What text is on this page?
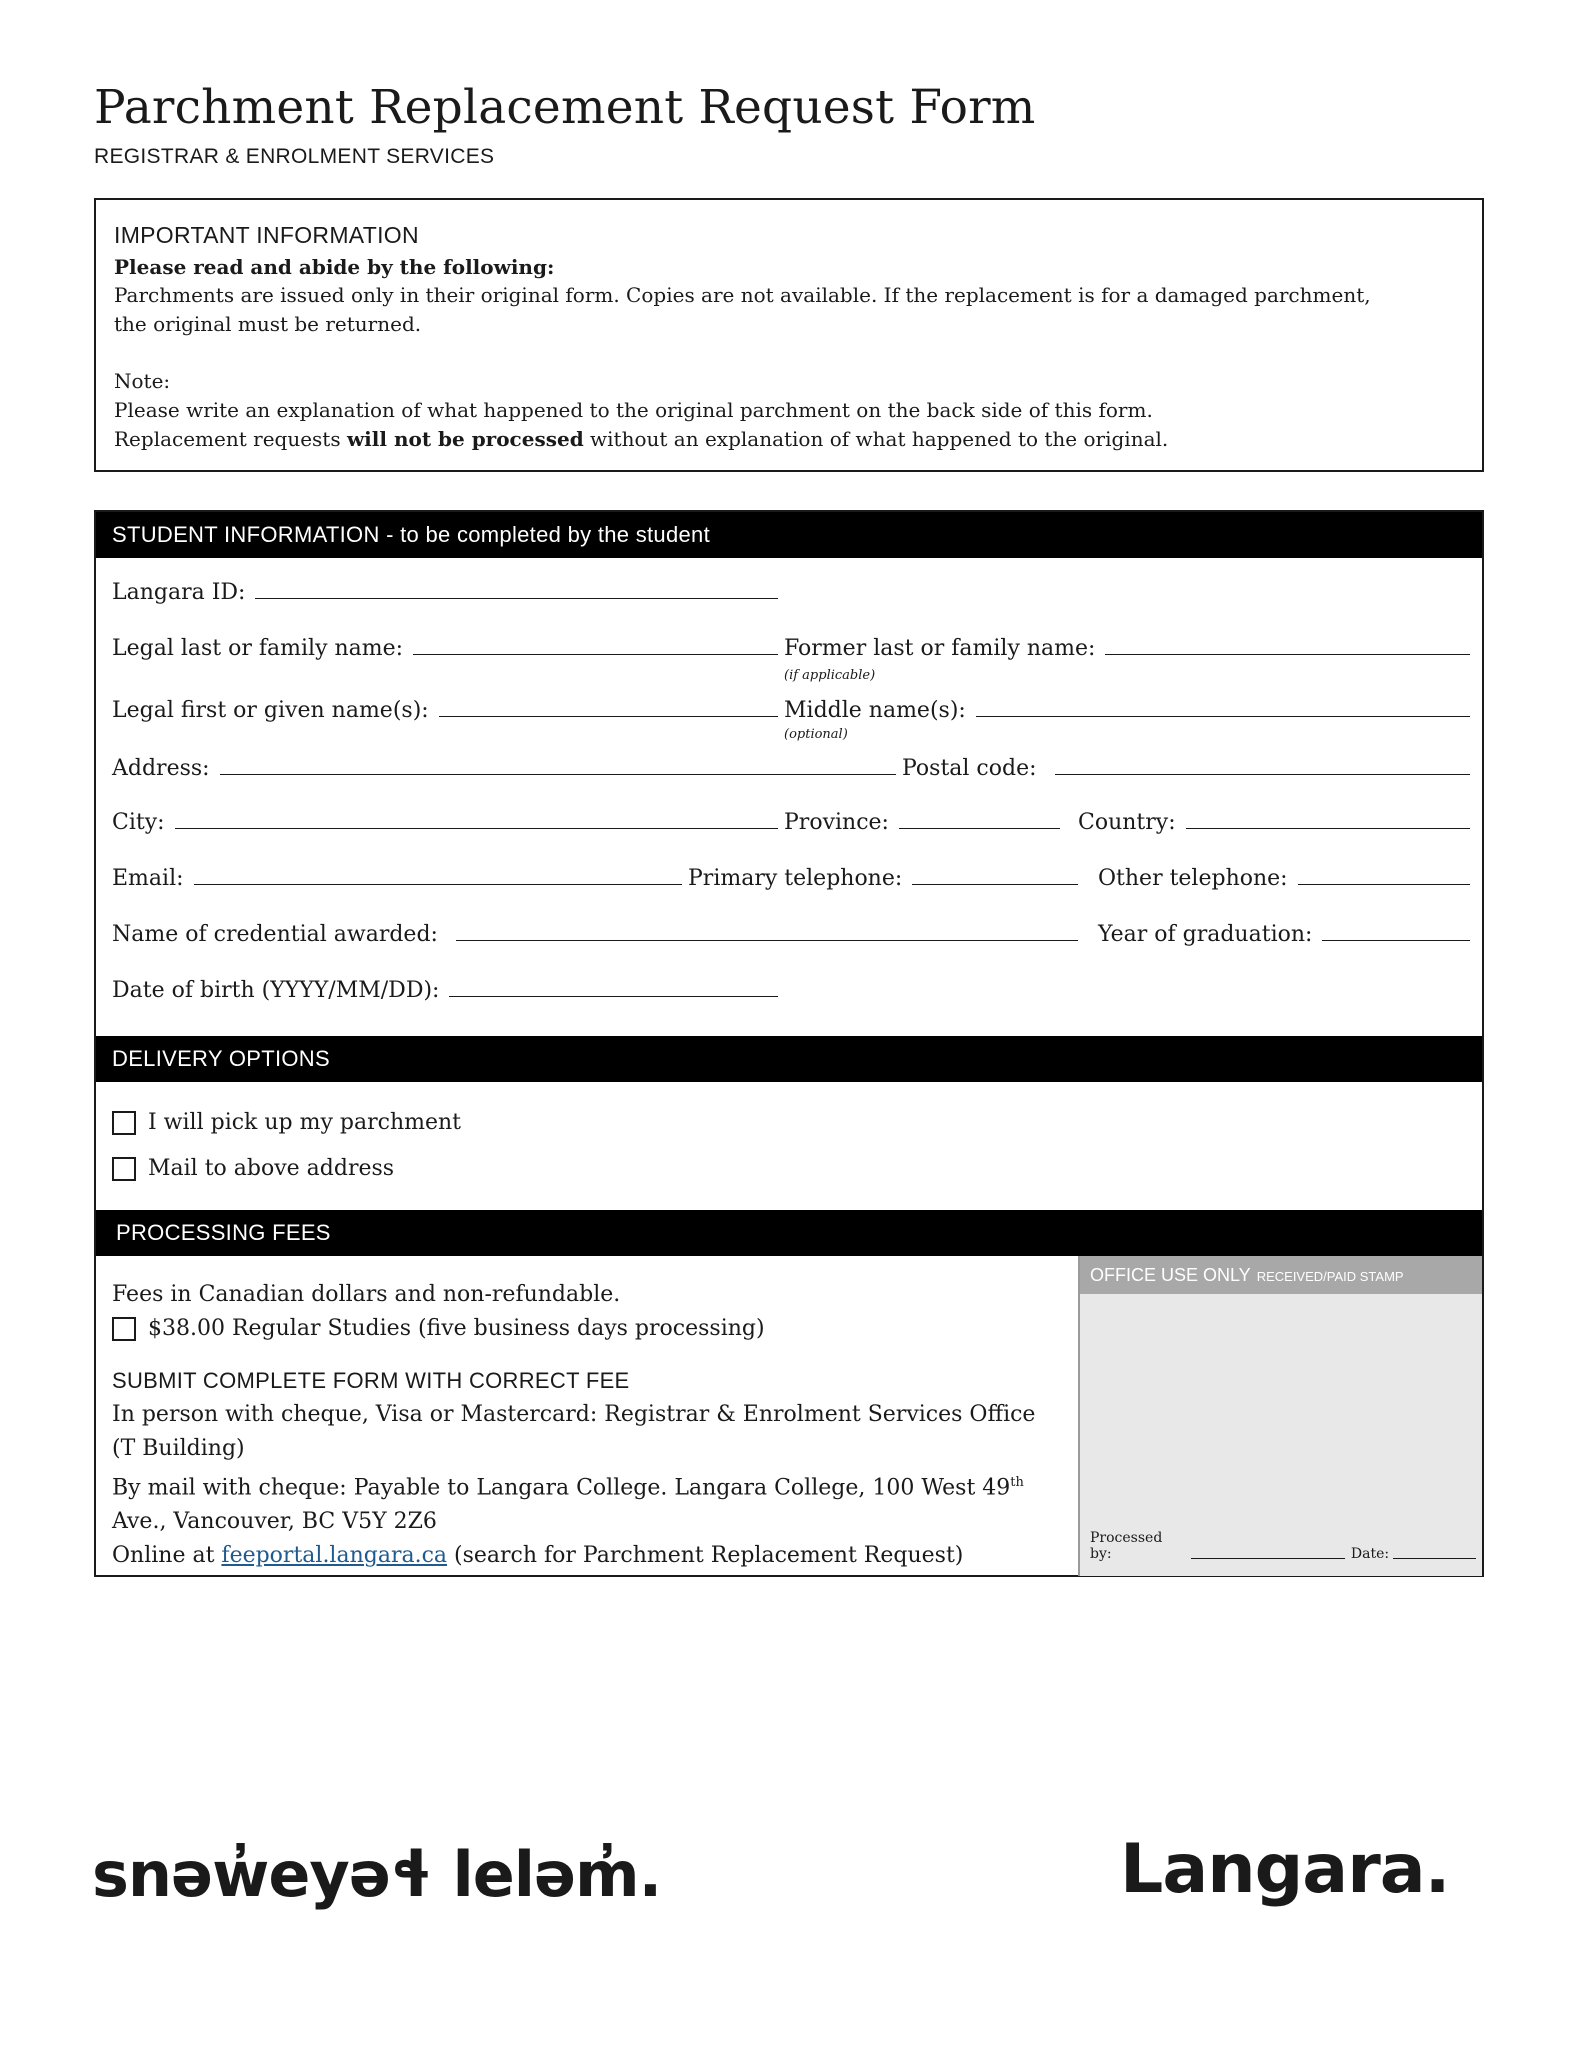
Parchment Replacement Request Form
REGISTRAR & ENROLMENT SERVICES
IMPORTANT INFORMATION
Please read and abide by the following:
Parchments are issued only in their original form. Copies are not available. If the replacement is for a damaged parchment, the original must be returned.
Note:
Please write an explanation of what happened to the original parchment on the back side of this form.
Replacement requests will not be processed without an explanation of what happened to the original.
STUDENT INFORMATION - to be completed by the student
Langara ID:
Legal last or family name:	Former last or family name:
(if applicable)
Legal first or given name(s):	Middle name(s):
(optional)
Address:	Postal code:
City:	Province:	Country:
Email:	Primary telephone:	Other telephone:
Name of credential awarded:	Year of graduation:
Date of birth (YYYY/MM/DD):
DELIVERY OPTIONS
I will pick up my parchment
Mail to above address
PROCESSING FEES
Fees in Canadian dollars and non-refundable.
$38.00 Regular Studies (five business days processing)
SUBMIT COMPLETE FORM WITH CORRECT FEE
In person with cheque, Visa or Mastercard: Registrar & Enrolment Services Office (T Building)
By mail with cheque: Payable to Langara College. Langara College, 100 West 49th Ave., Vancouver, BC V5Y 2Z6
Online at feeportal.langara.ca (search for Parchment Replacement Request)
OFFICE USE ONLY RECEIVED/PAID STAMP
Processed by:	Date:
snəw̓eyəɬ leləm̓.	Langara.
